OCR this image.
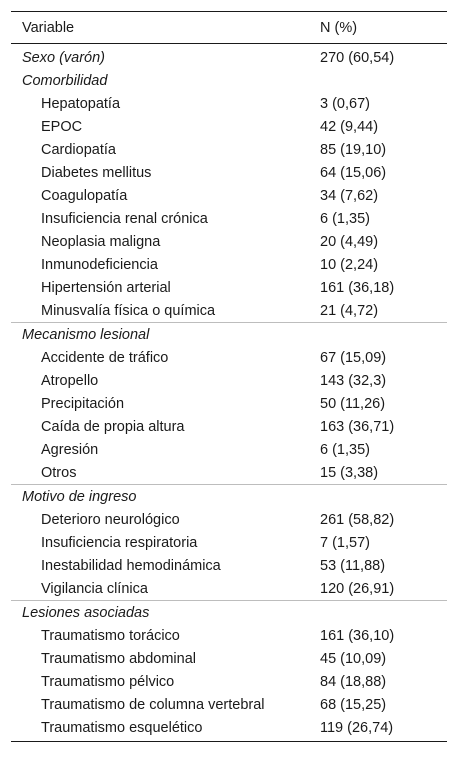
Variable	N (%)
Sexo (varón)	270 (60,54)
Comorbilidad	
Hepatopatía	3 (0,67)
EPOC	42 (9,44)
Cardiopatía	85 (19,10)
Diabetes mellitus	64 (15,06)
Coagulopatía	34 (7,62)
Insuficiencia renal crónica	6 (1,35)
Neoplasia maligna	20 (4,49)
Inmunodeficiencia	10 (2,24)
Hipertensión arterial	161 (36,18)
Minusvalía física o química	21 (4,72)
Mecanismo lesional	
Accidente de tráfico	67 (15,09)
Atropello	143 (32,3)
Precipitación	50 (11,26)
Caída de propia altura	163 (36,71)
Agresión	6 (1,35)
Otros	15 (3,38)
Motivo de ingreso	
Deterioro neurológico	261 (58,82)
Insuficiencia respiratoria	7 (1,57)
Inestabilidad hemodinámica	53 (11,88)
Vigilancia clínica	120 (26,91)
Lesiones asociadas	
Traumatismo torácico	161 (36,10)
Traumatismo abdominal	45 (10,09)
Traumatismo pélvico	84 (18,88)
Traumatismo de columna vertebral	68 (15,25)
Traumatismo esquelético	119 (26,74)
